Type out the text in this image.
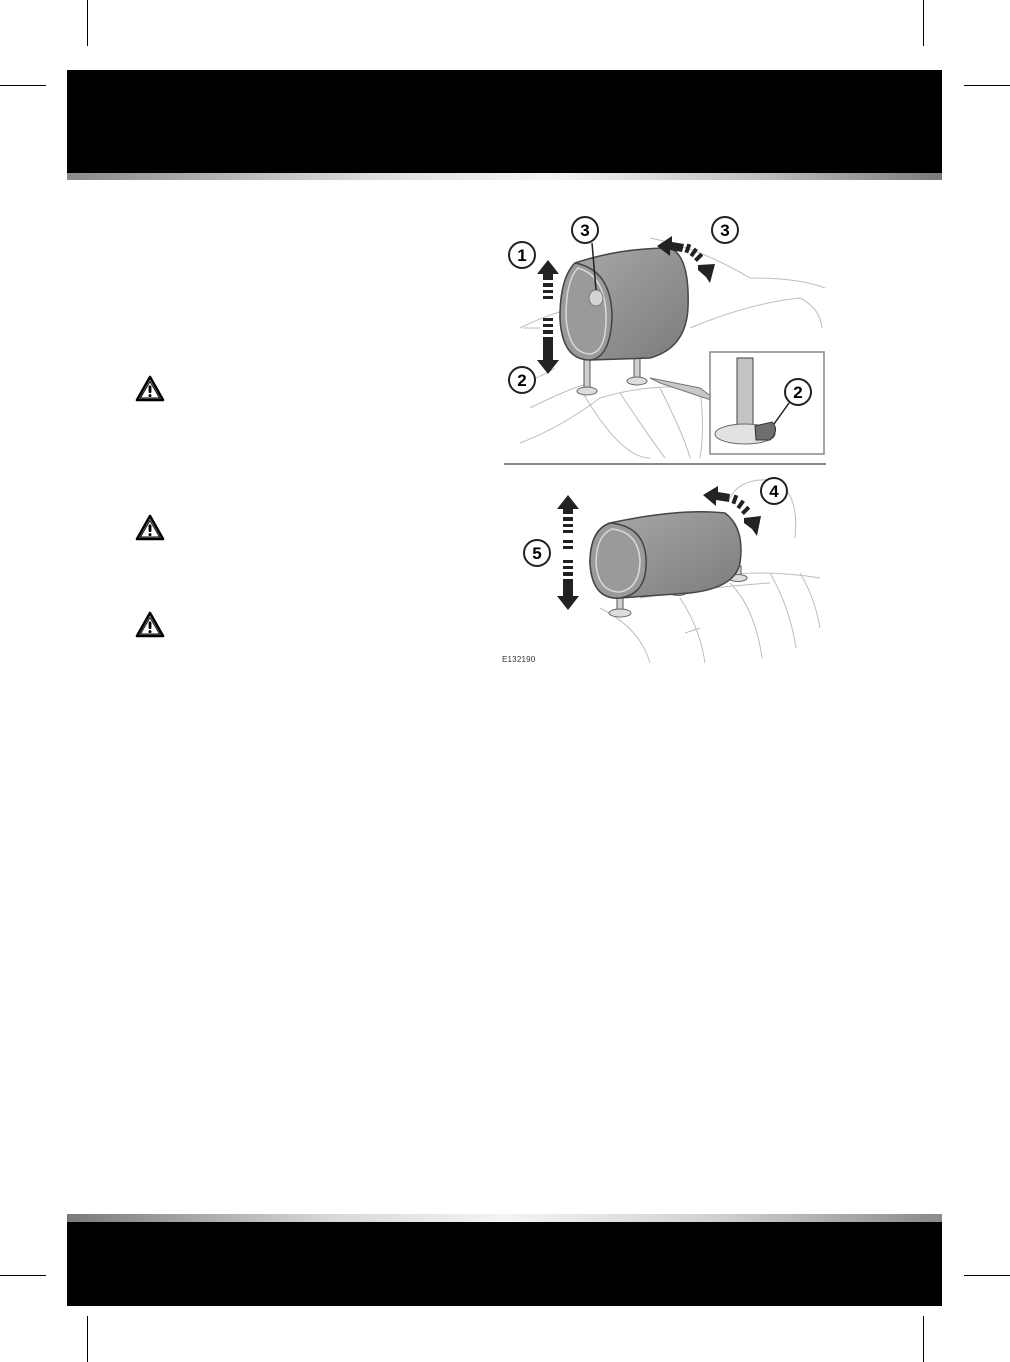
1
3	3
2
2
4
5
E132190
